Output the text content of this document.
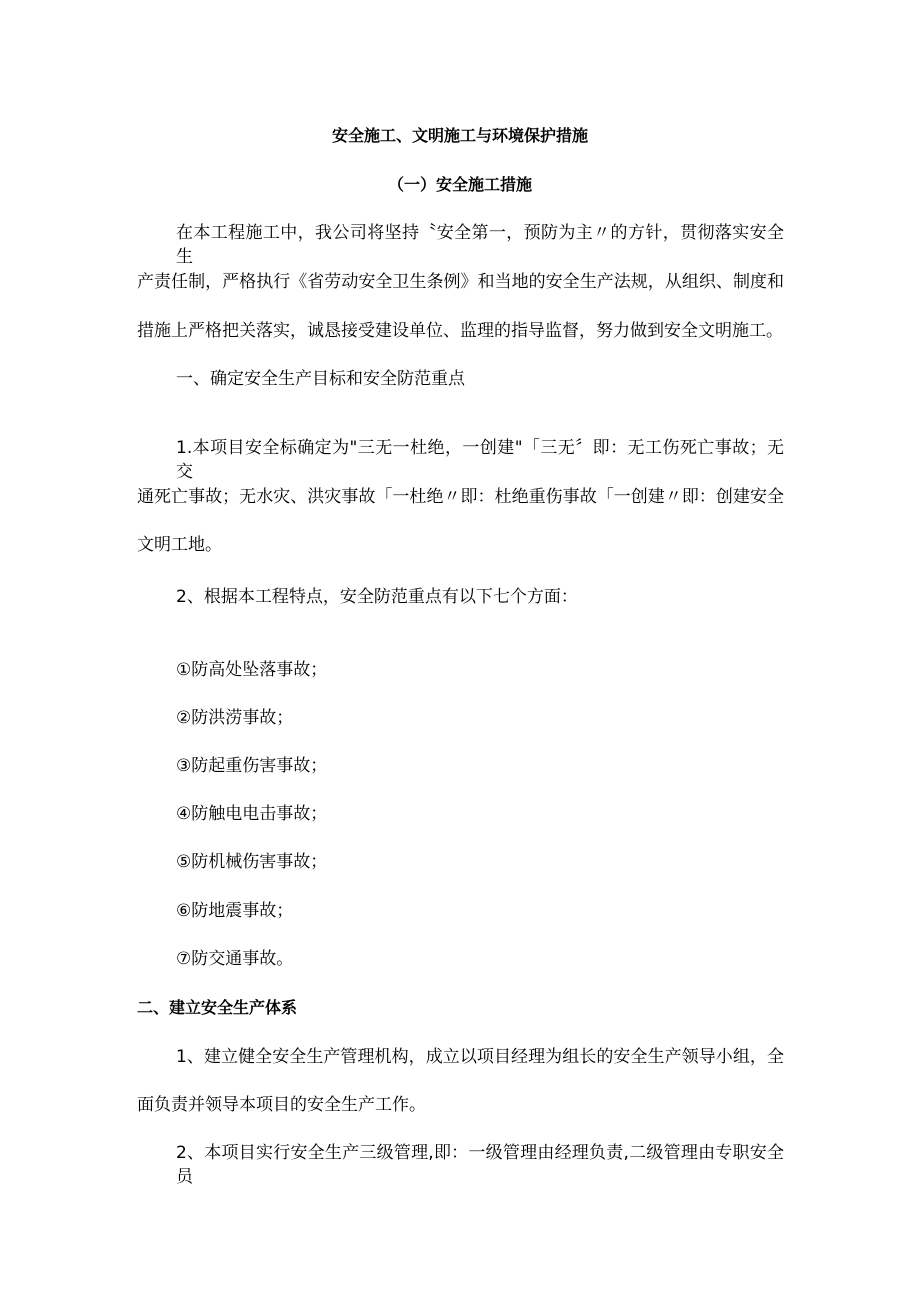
安全施工、文明施工与环境保护措施

（一）安全施工措施

在本工程施工中，我公司将坚持〝安全第一，预防为主〃的方针，贯彻落实安全生

产责任制，严格执行《省劳动安全卫生条例》和当地的安全生产法规，从组织、制度和

措施上严格把关落实，诚恳接受建设单位、监理的指导监督，努力做到安全文明施工。

一、确定安全生产目标和安全防范重点

1.本项目安全标确定为"三无一杜绝，一创建"「三无〞即：无工伤死亡事故；无交

通死亡事故；无水灾、洪灾事故「一杜绝〃即：杜绝重伤事故「一创建〃即：创建安全

文明工地。

2、根据本工程特点，安全防范重点有以下七个方面：

①防高处坠落事故；

②防洪涝事故；

③防起重伤害事故；

④防触电电击事故；

⑤防机械伤害事故；

⑥防地震事故；

⑦防交通事故。

二、建立安全生产体系

1、建立健全安全生产管理机构，成立以项目经理为组长的安全生产领导小组，全

面负责并领导本项目的安全生产工作。

2、本项目实行安全生产三级管理,即：一级管理由经理负责,二级管理由专职安全员
